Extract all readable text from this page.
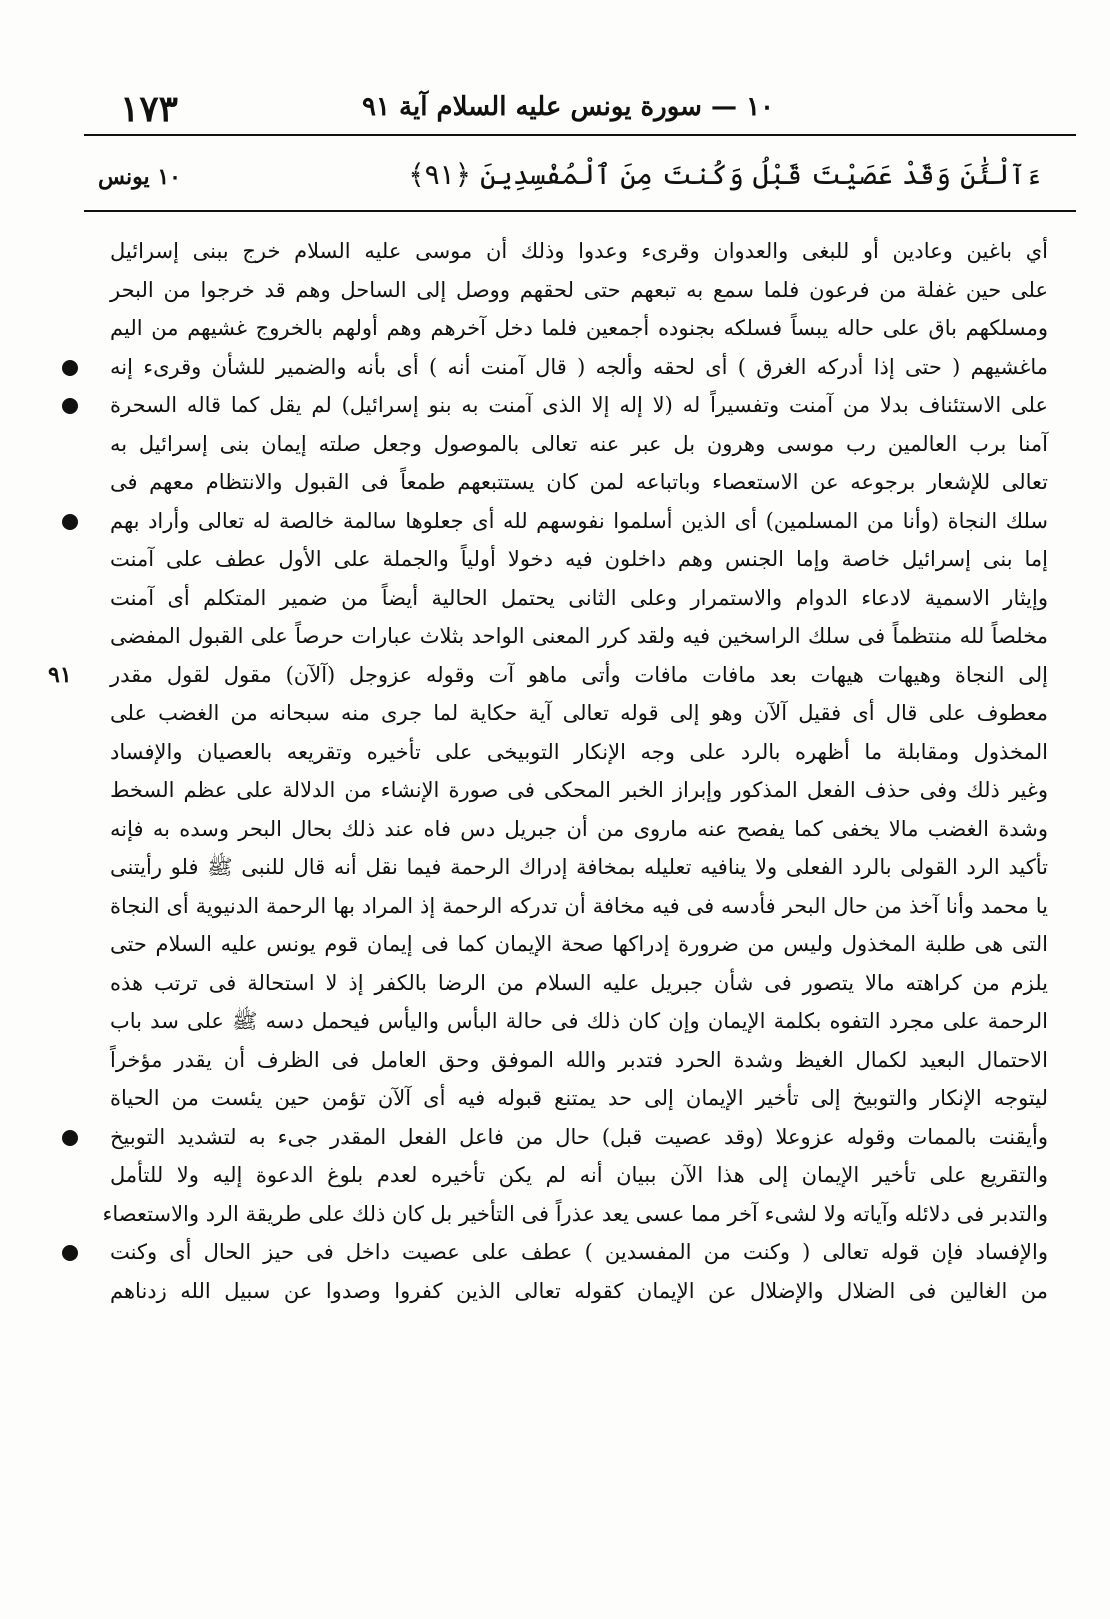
١٠ — سورة يونس عليه السلام آية ٩١
١٧٣
ءَآلْئَٰنَ وَقَدْ عَصَيْتَ قَبْلُ وَكُنتَ مِنَ ٱلْمُفْسِدِينَ ﴿٩١﴾
١٠ يونس
أي باغين وعادين أو للبغى والعدوان وقرىء وعدوا وذلك أن موسى عليه السلام خرج ببنى إسرائيل
على حين غفلة من فرعون فلما سمع به تبعهم حتى لحقهم ووصل إلى الساحل وهم قد خرجوا من البحر
ومسلكهم باق على حاله يبساً فسلكه بجنوده أجمعين فلما دخل آخرهم وهم أولهم بالخروج غشيهم من اليم
ماغشيهم ( حتى إذا أدركه الغرق ) أى لحقه وألجه ( قال آمنت أنه ) أى بأنه والضمير للشأن وقرىء إنه
على الاستئناف بدلا من آمنت وتفسيراً له (لا إله إلا الذى آمنت به بنو إسرائيل) لم يقل كما قاله السحرة
آمنا برب العالمين رب موسى وهرون بل عبر عنه تعالى بالموصول وجعل صلته إيمان بنى إسرائيل به
تعالى للإشعار برجوعه عن الاستعصاء وباتباعه لمن كان يستتبعهم طمعاً فى القبول والانتظام معهم فى
سلك النجاة (وأنا من المسلمين) أى الذين أسلموا نفوسهم لله أى جعلوها سالمة خالصة له تعالى وأراد بهم
إما بنى إسرائيل خاصة وإما الجنس وهم داخلون فيه دخولا أولياً والجملة على الأول عطف على آمنت
وإيثار الاسمية لادعاء الدوام والاستمرار وعلى الثانى يحتمل الحالية أيضاً من ضمير المتكلم أى آمنت
مخلصاً لله منتظماً فى سلك الراسخين فيه ولقد كرر المعنى الواحد بثلاث عبارات حرصاً على القبول المفضى
إلى النجاة وهيهات هيهات بعد مافات مافات وأتى ماهو آت وقوله عزوجل (آلآن) مقول لقول مقدر
٩١
معطوف على قال أى فقيل آلآن وهو إلى قوله تعالى آية حكاية لما جرى منه سبحانه من الغضب على
المخذول ومقابلة ما أظهره بالرد على وجه الإنكار التوبيخى على تأخيره وتقريعه بالعصيان والإفساد
وغير ذلك وفى حذف الفعل المذكور وإبراز الخبر المحكى فى صورة الإنشاء من الدلالة على عظم السخط
وشدة الغضب مالا يخفى كما يفصح عنه ماروى من أن جبريل دس فاه عند ذلك بحال البحر وسده به فإنه
تأكيد الرد القولى بالرد الفعلى ولا ينافيه تعليله بمخافة إدراك الرحمة فيما نقل أنه قال للنبى ﷺ فلو رأيتنى
يا محمد وأنا آخذ من حال البحر فأدسه فى فيه مخافة أن تدركه الرحمة إذ المراد بها الرحمة الدنيوية أى النجاة
التى هى طلبة المخذول وليس من ضرورة إدراكها صحة الإيمان كما فى إيمان قوم يونس عليه السلام حتى
يلزم من كراهته مالا يتصور فى شأن جبريل عليه السلام من الرضا بالكفر إذ لا استحالة فى ترتب هذه
الرحمة على مجرد التفوه بكلمة الإيمان وإن كان ذلك فى حالة البأس واليأس فيحمل دسه ﷺ على سد باب
الاحتمال البعيد لكمال الغيظ وشدة الحرد فتدبر والله الموفق وحق العامل فى الظرف أن يقدر مؤخراً
ليتوجه الإنكار والتوبيخ إلى تأخير الإيمان إلى حد يمتنع قبوله فيه أى آلآن تؤمن حين يئست من الحياة
وأيقنت بالممات وقوله عزوعلا (وقد عصيت قبل) حال من فاعل الفعل المقدر جىء به لتشديد التوبيخ
والتقريع على تأخير الإيمان إلى هذا الآن ببيان أنه لم يكن تأخيره لعدم بلوغ الدعوة إليه ولا للتأمل
والتدبر فى دلائله وآياته ولا لشىء آخر مما عسى يعد عذراً فى التأخير بل كان ذلك على طريقة الرد والاستعصاء
والإفساد فإن قوله تعالى ( وكنت من المفسدين ) عطف على عصيت داخل فى حيز الحال أى وكنت
من الغالين فى الضلال والإضلال عن الإيمان كقوله تعالى الذين كفروا وصدوا عن سبيل الله زدناهم
